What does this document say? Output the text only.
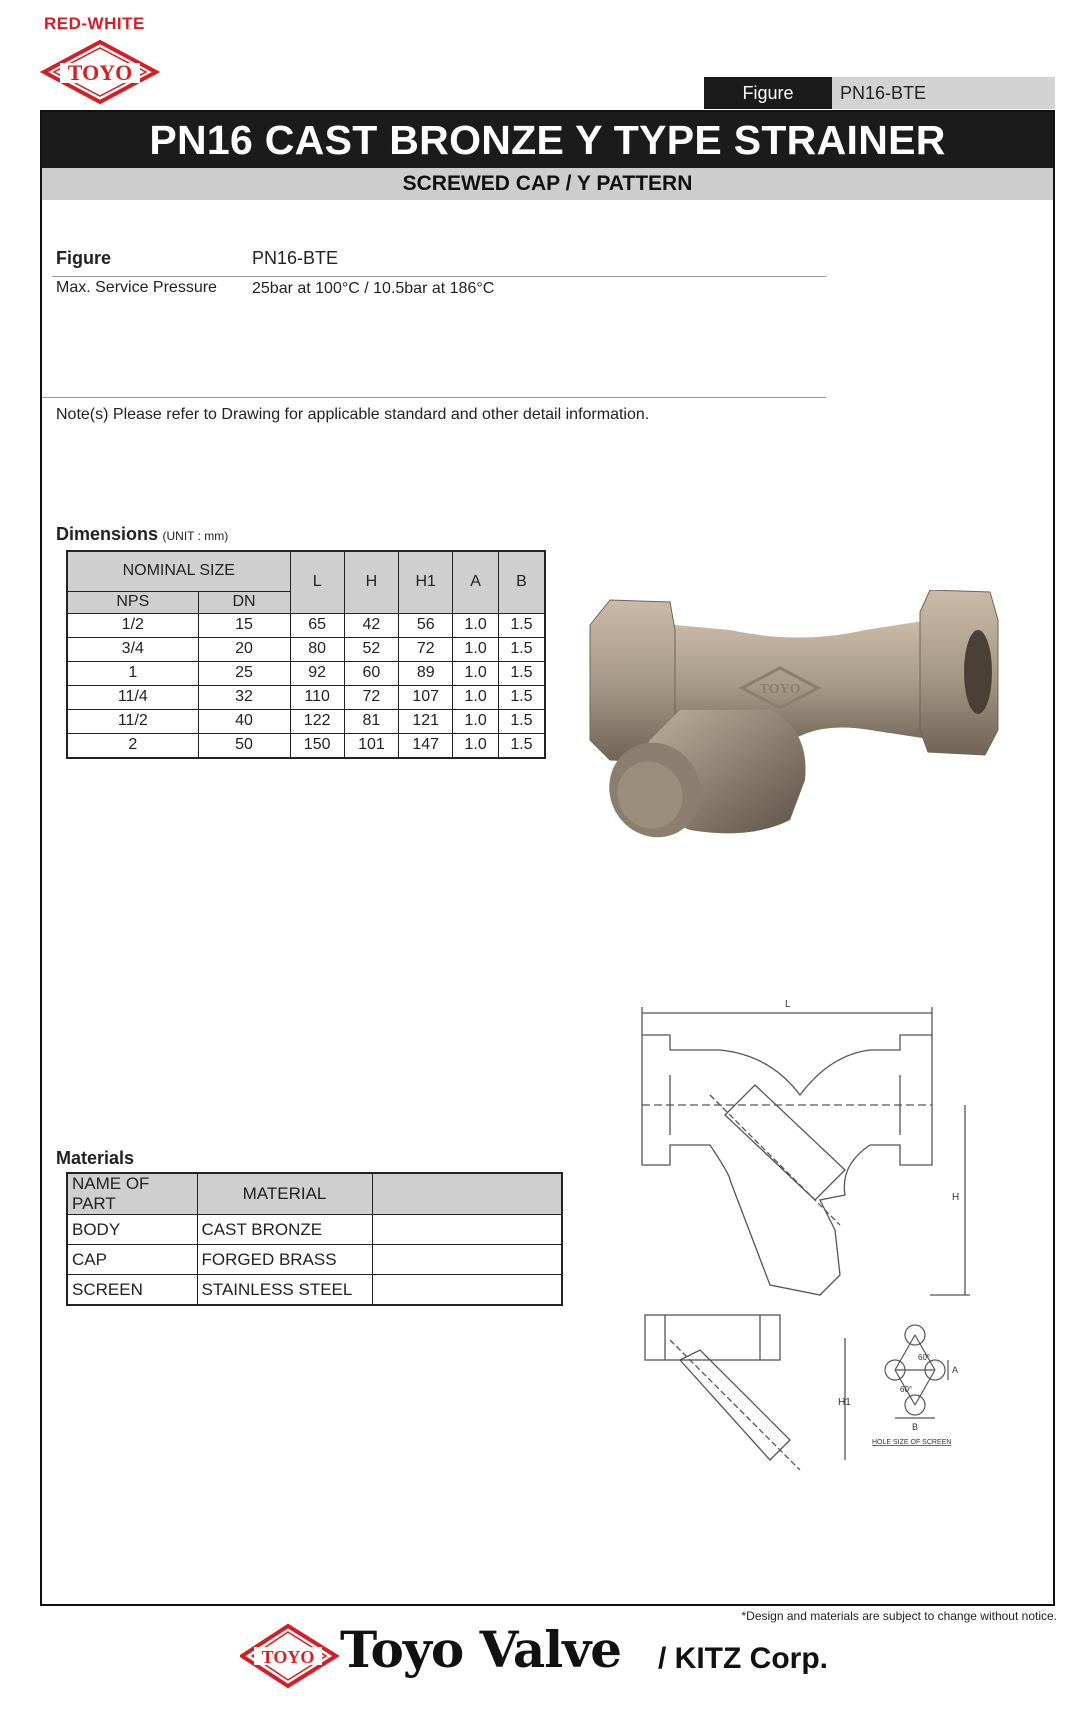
RED-WHITE
TOYO
Figure	PN16-BTE
PN16 CAST BRONZE Y TYPE STRAINER
SCREWED CAP / Y PATTERN
Figure	PN16-BTE
Max. Service Pressure 25bar at 100°C / 10.5bar at 186°C
Note(s) Please refer to Drawing for applicable standard and other detail information.
Dimensions (UNIT : mm)
NOMINAL SIZE		L	H	H1	A	B
NPS	DN					
1/2	15	65	42	56	1.0	1.5
3/4	20	80	52	72	1.0	1.5
1	25	92	60	89	1.0	1.5
11/4	32	110	72	107	1.0	1.5
11/2	40	122	81	121	1.0	1.5
2	50	150	101	147	1.0	1.5
TOYO
L
H
H1
60°
60°
A
B
HOLE SIZE OF SCREEN
Materials
NAME OF PART	MATERIAL	
BODY	CAST BRONZE	
CAP	FORGED BRASS	
SCREEN	STAINLESS STEEL	
*Design and materials are subject to change without notice.
TOYO Toyo Valve / KITZ Corp.
